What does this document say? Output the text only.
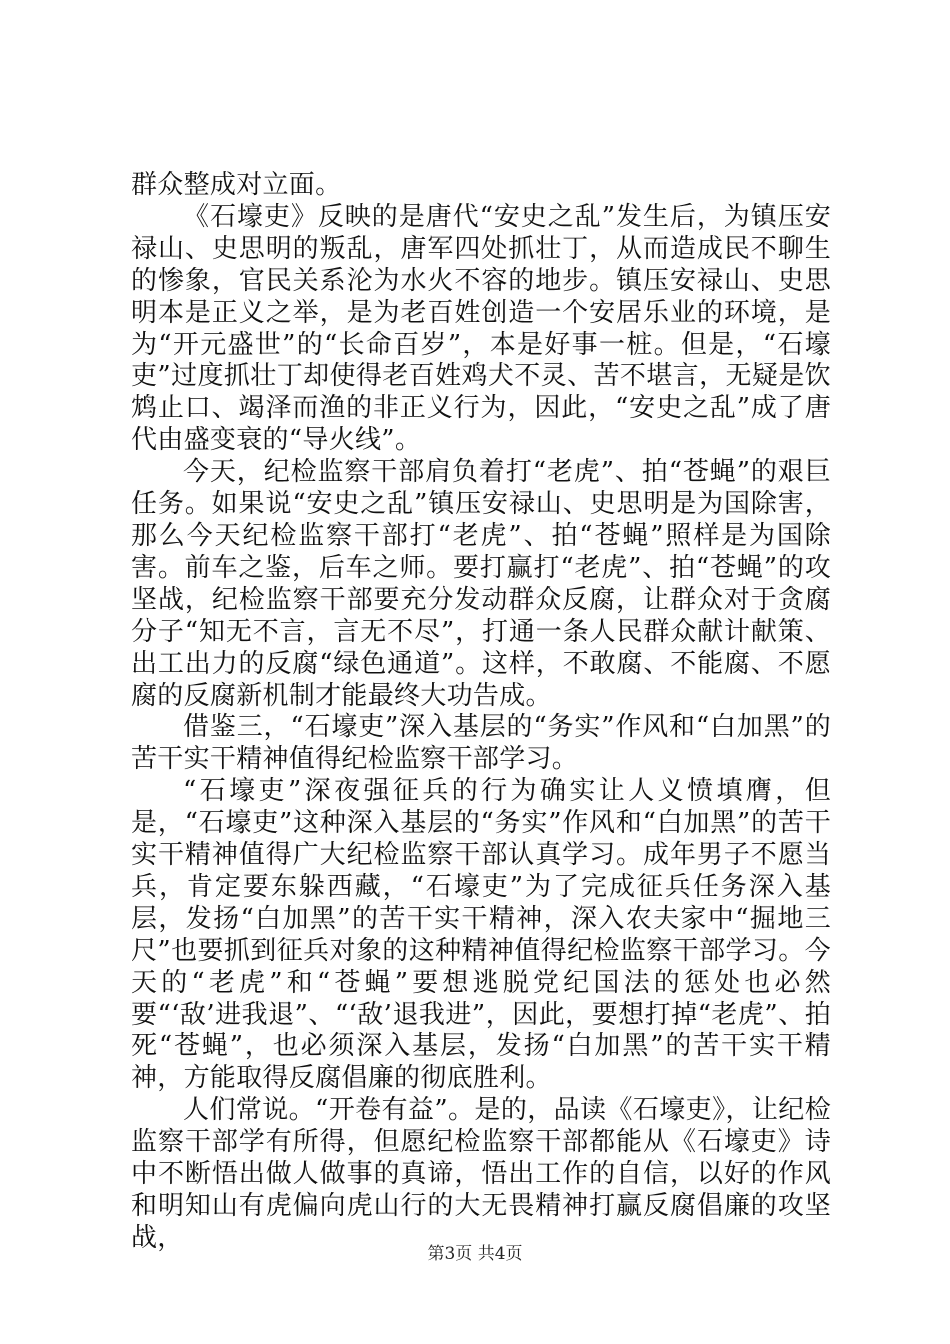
群众整成对立面。

《石壕吏》反映的是唐代“安史之乱”发生后，为镇压安禄山、史思明的叛乱，唐军四处抓壮丁，从而造成民不聊生的惨象，官民关系沦为水火不容的地步。镇压安禄山、史思明本是正义之举，是为老百姓创造一个安居乐业的环境，是为“开元盛世”的“长命百岁”，本是好事一桩。但是，“石壕吏”过度抓壮丁却使得老百姓鸡犬不灵、苦不堪言，无疑是饮鸩止口、竭泽而渔的非正义行为，因此，“安史之乱”成了唐代由盛变衰的“导火线”。

今天，纪检监察干部肩负着打“老虎”、拍“苍蝇”的艰巨任务。如果说“安史之乱”镇压安禄山、史思明是为国除害，那么今天纪检监察干部打“老虎”、拍“苍蝇”照样是为国除害。前车之鉴，后车之师。要打赢打“老虎”、拍“苍蝇”的攻坚战，纪检监察干部要充分发动群众反腐，让群众对于贪腐分子“知无不言，言无不尽”，打通一条人民群众献计献策、出工出力的反腐“绿色通道”。这样，不敢腐、不能腐、不愿腐的反腐新机制才能最终大功告成。

借鉴三，“石壕吏”深入基层的“务实”作风和“白加黑”的苦干实干精神值得纪检监察干部学习。

“石壕吏”深夜强征兵的行为确实让人义愤填膺，但是，“石壕吏”这种深入基层的“务实”作风和“白加黑”的苦干实干精神值得广大纪检监察干部认真学习。成年男子不愿当兵，肯定要东躲西藏，“石壕吏”为了完成征兵任务深入基层，发扬“白加黑”的苦干实干精神，深入农夫家中“掘地三尺”也要抓到征兵对象的这种精神值得纪检监察干部学习。今天的“老虎”和“苍蝇”要想逃脱党纪国法的惩处也必然要“‘敌’进我退”、“‘敌’退我进”，因此，要想打掉“老虎”、拍死“苍蝇”，也必须深入基层，发扬“白加黑”的苦干实干精神，方能取得反腐倡廉的彻底胜利。

人们常说。“开卷有益”。是的，品读《石壕吏》，让纪检监察干部学有所得，但愿纪检监察干部都能从《石壕吏》诗中不断悟出做人做事的真谛，悟出工作的自信，以好的作风和明知山有虎偏向虎山行的大无畏精神打赢反腐倡廉的攻坚战，

第3页 共4页
